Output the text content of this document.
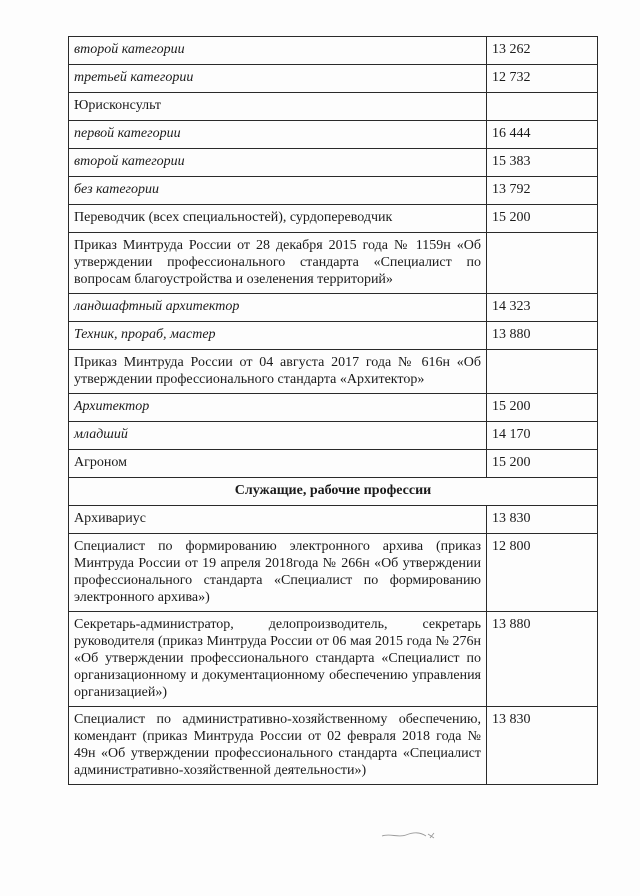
второй категории	13 262
третьей категории	12 732
Юрисконсульт	
первой категории	16 444
второй категории	15 383
без категории	13 792
Переводчик (всех специальностей), сурдопереводчик	15 200
Приказ Минтруда России от 28 декабря 2015 года № 1159н «Об утверждении профессионального стандарта «Специалист по вопросам благоустройства и озеленения территорий»	
ландшафтный архитектор	14 323
Техник, прораб, мастер	13 880
Приказ Минтруда России от 04 августа 2017 года № 616н «Об утверждении профессионального стандарта «Архитектор»	
Архитектор	15 200
младший	14 170
Агроном	15 200
Служащие, рабочие профессии	
Архивариус	13 830
Специалист по формированию электронного архива (приказ Минтруда России от 19 апреля 2018года № 266н «Об утверждении профессионального стандарта «Специалист по формированию электронного архива»)	12 800
Секретарь-администратор, делопроизводитель, секретарь руководителя (приказ Минтруда России от 06 мая 2015 года № 276н «Об утверждении профессионального стандарта «Специалист по организационному и документационному обеспечению управления организацией»)	13 880
Специалист по административно-хозяйственному обеспечению, комендант (приказ Минтруда России от 02 февраля 2018 года № 49н «Об утверждении профессионального стандарта «Специалист административно-хозяйственной деятельности»)	13 830
